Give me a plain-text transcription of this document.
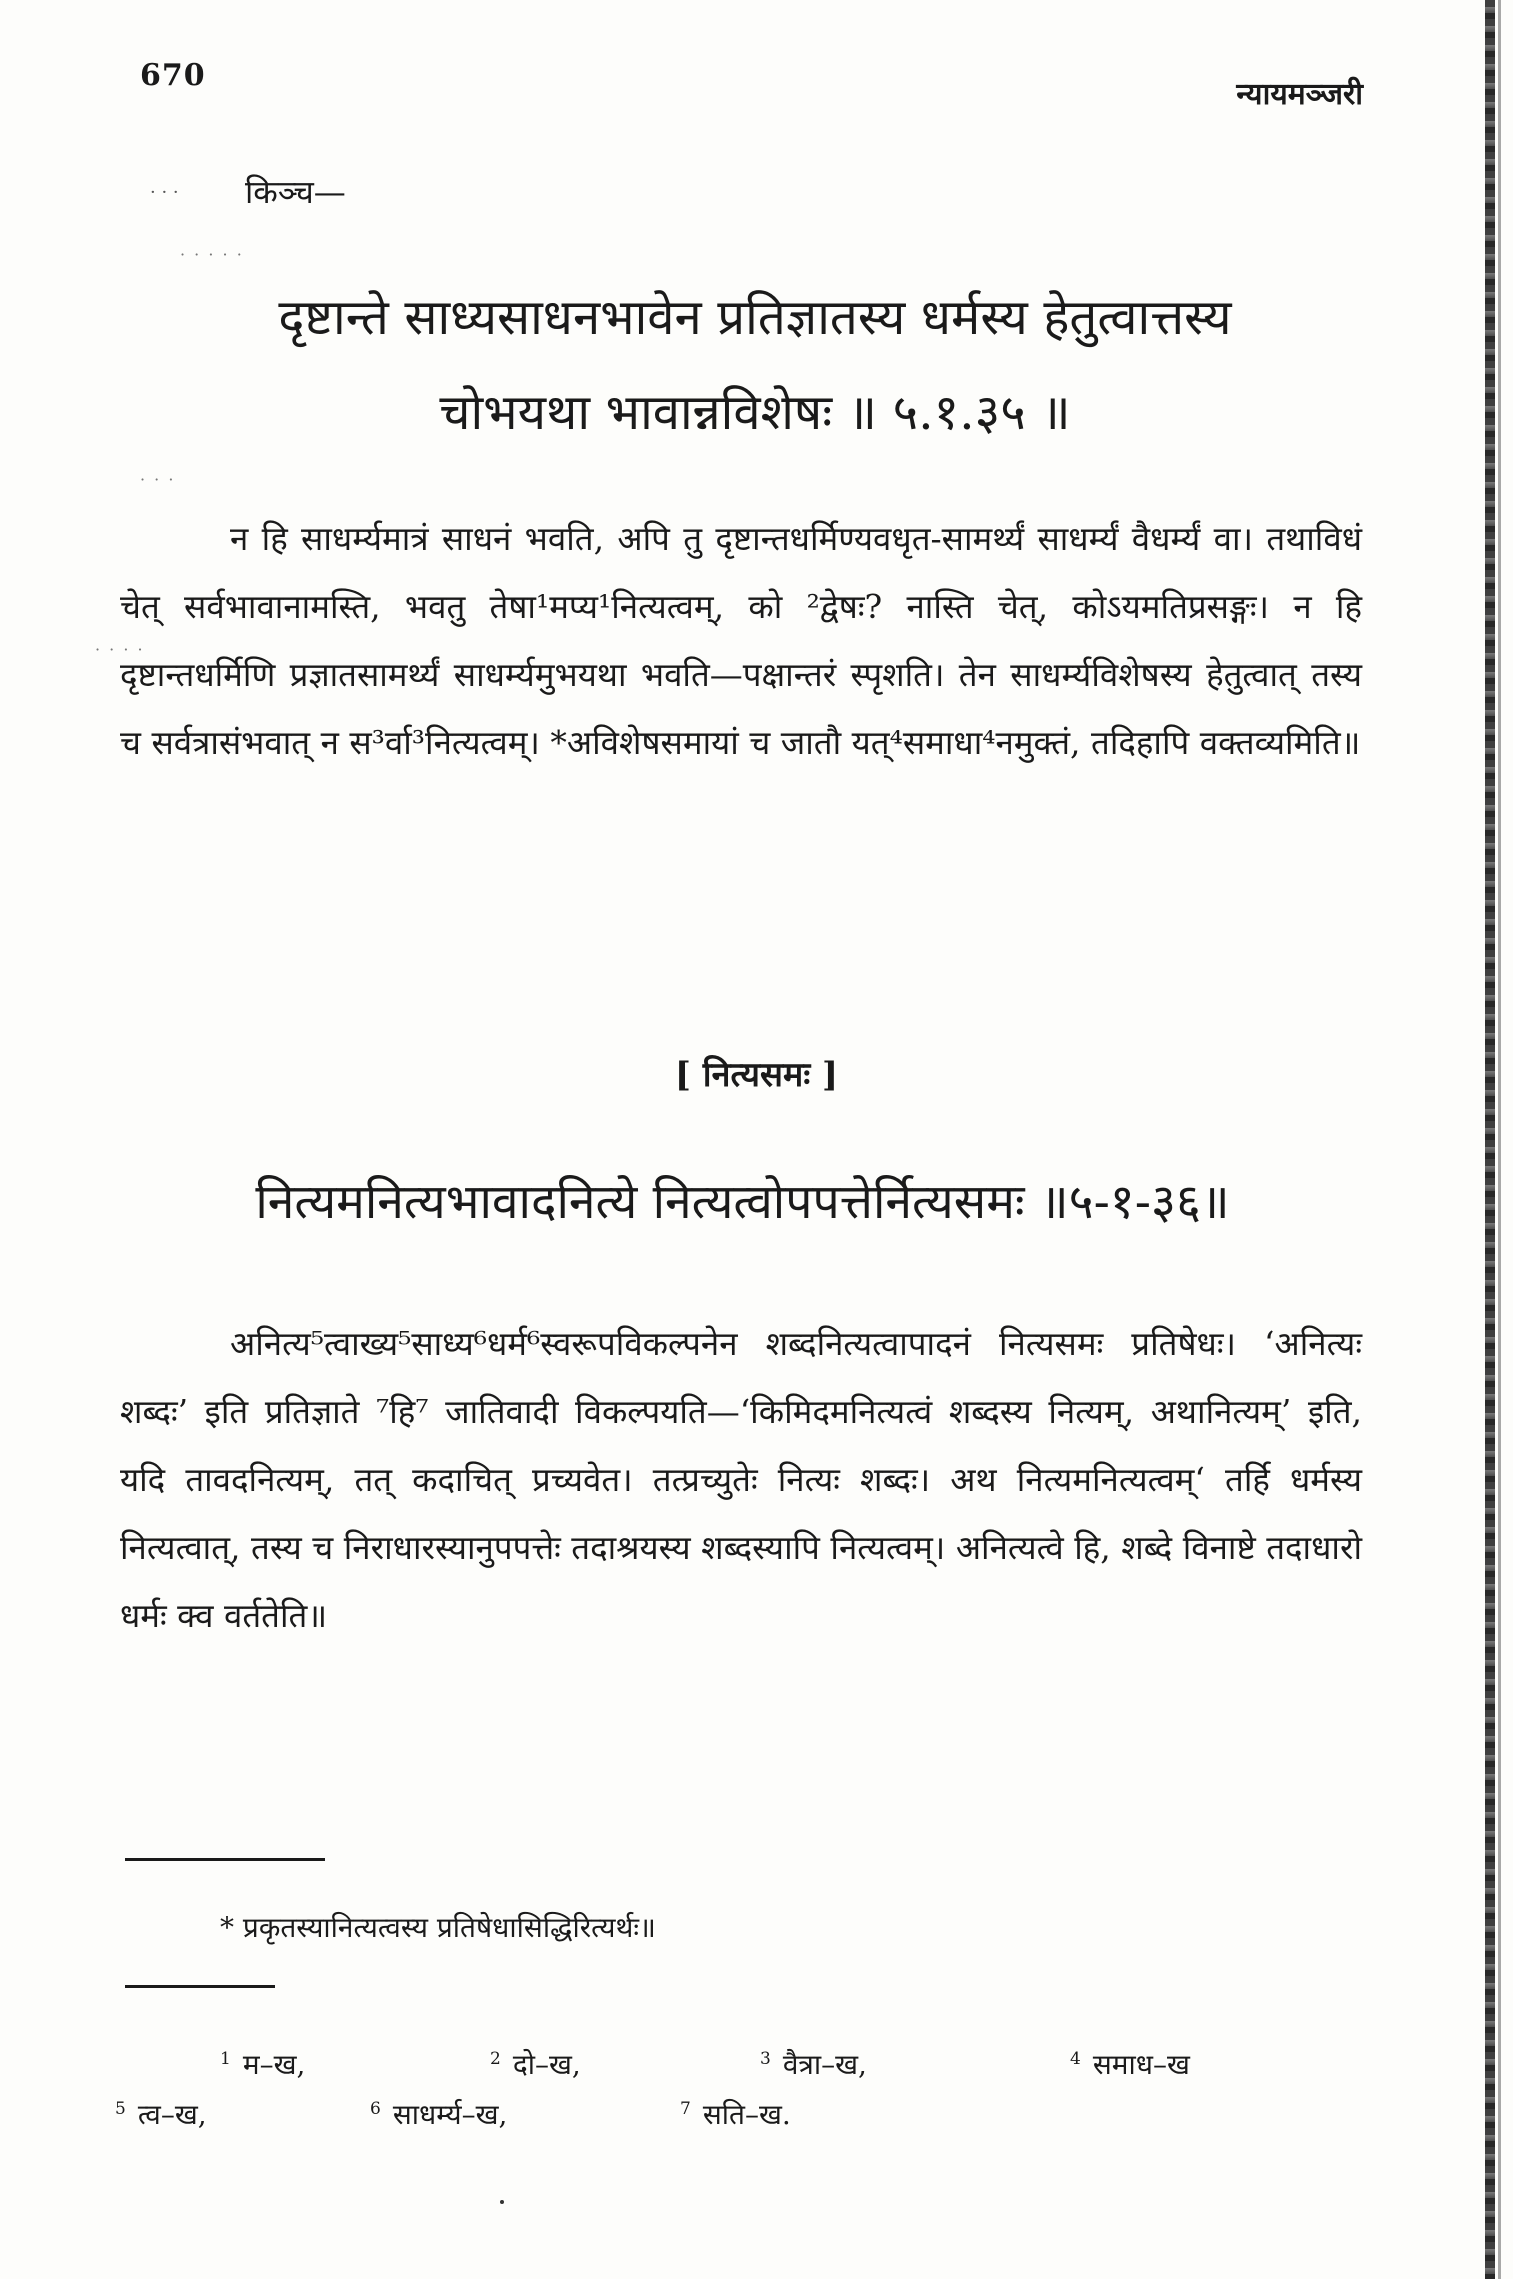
670
न्यायमञ्जरी
· · · किञ्च—
· · · · ·
· · ·
· · · ·
दृष्टान्ते साध्यसाधनभावेन प्रतिज्ञातस्य धर्मस्य हेतुत्वात्तस्य
चोभयथा भावान्नविशेषः ॥ ५.१.३५ ॥

न हि साधर्म्यमात्रं साधनं भवति, अपि तु दृष्टान्तधर्मिण्यवधृत-सामर्थ्यं साधर्म्यं वैधर्म्यं वा। तथाविधं चेत् सर्वभावानामस्ति, भवतु तेषा¹मप्य¹नित्यत्वम्, को ²द्वेषः? नास्ति चेत्, कोऽयमतिप्रसङ्गः। न हि दृष्टान्तधर्मिणि प्रज्ञातसामर्थ्यं साधर्म्यमुभयथा भवति—पक्षान्तरं स्पृशति। तेन साधर्म्यविशेषस्य हेतुत्वात् तस्य च सर्वत्रासंभवात् न स³र्वा³नित्यत्वम्। *अविशेषसमायां च जातौ यत्⁴समाधा⁴नमुक्तं, तदिहापि वक्तव्यमिति॥

[ नित्यसमः ]
नित्यमनित्यभावादनित्ये नित्यत्वोपपत्तेर्नित्यसमः ॥५-१-३६॥

अनित्य⁵त्वाख्य⁵साध्य⁶धर्म⁶स्वरूपविकल्पनेन शब्दनित्यत्वापादनं नित्यसमः प्रतिषेधः। ‘अनित्यः शब्दः’ इति प्रतिज्ञाते ⁷हि⁷ जातिवादी विकल्पयति—‘किमिदमनित्यत्वं शब्दस्य नित्यम्, अथानित्यम्’ इति, यदि तावदनित्यम्, तत् कदाचित् प्रच्यवेत। तत्प्रच्युतेः नित्यः शब्दः। अथ नित्यमनित्यत्वम्‘ तर्हि धर्मस्य नित्यत्वात्, तस्य च निराधारस्यानुपपत्तेः तदाश्रयस्य शब्दस्यापि नित्यत्वम्। अनित्यत्वे हि, शब्दे विनाष्टे तदाधारो धर्मः क्व वर्ततेति॥

* प्रकृतस्यानित्यत्वस्य प्रतिषेधासिद्धिरित्यर्थः॥
$^1$ म–ख,	$^2$ दो–ख,	$^3$ वैत्रा–ख,	$^4$ समाध–ख
$^5$ त्व–ख,	$^6$ साधर्म्य–ख,	$^7$ सति–ख.
